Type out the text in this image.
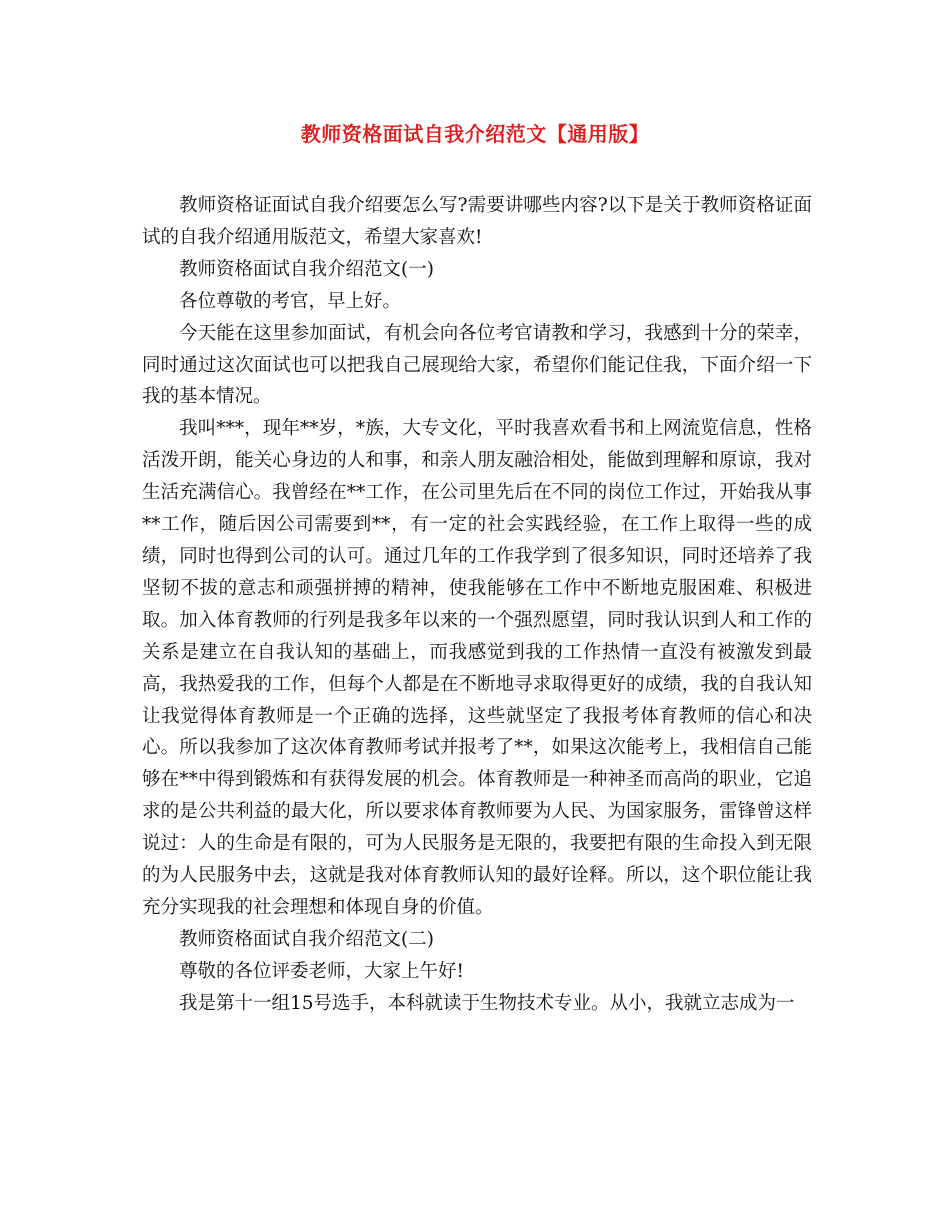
教师资格面试自我介绍范文【通用版】

教师资格证面试自我介绍要怎么写?需要讲哪些内容?以下是关于教师资格证面试的自我介绍通用版范文，希望大家喜欢!

教师资格面试自我介绍范文(一)

各位尊敬的考官，早上好。

今天能在这里参加面试，有机会向各位考官请教和学习，我感到十分的荣幸，同时通过这次面试也可以把我自己展现给大家，希望你们能记住我，下面介绍一下我的基本情况。

我叫***，现年**岁，*族，大专文化，平时我喜欢看书和上网流览信息，性格活泼开朗，能关心身边的人和事，和亲人朋友融洽相处，能做到理解和原谅，我对生活充满信心。我曾经在**工作，在公司里先后在不同的岗位工作过，开始我从事**工作，随后因公司需要到**，有一定的社会实践经验，在工作上取得一些的成绩，同时也得到公司的认可。通过几年的工作我学到了很多知识，同时还培养了我坚韧不拔的意志和顽强拼搏的精神，使我能够在工作中不断地克服困难、积极进取。加入体育教师的行列是我多年以来的一个强烈愿望，同时我认识到人和工作的关系是建立在自我认知的基础上，而我感觉到我的工作热情一直没有被激发到最高，我热爱我的工作，但每个人都是在不断地寻求取得更好的成绩，我的自我认知让我觉得体育教师是一个正确的选择，这些就坚定了我报考体育教师的信心和决心。所以我参加了这次体育教师考试并报考了**，如果这次能考上，我相信自己能够在**中得到锻炼和有获得发展的机会。体育教师是一种神圣而高尚的职业，它追求的是公共利益的最大化，所以要求体育教师要为人民、为国家服务，雷锋曾这样说过：人的生命是有限的，可为人民服务是无限的，我要把有限的生命投入到无限的为人民服务中去，这就是我对体育教师认知的最好诠释。所以，这个职位能让我充分实现我的社会理想和体现自身的价值。

教师资格面试自我介绍范文(二)

尊敬的各位评委老师，大家上午好!

我是第十一组15号选手，本科就读于生物技术专业。从小，我就立志成为一
